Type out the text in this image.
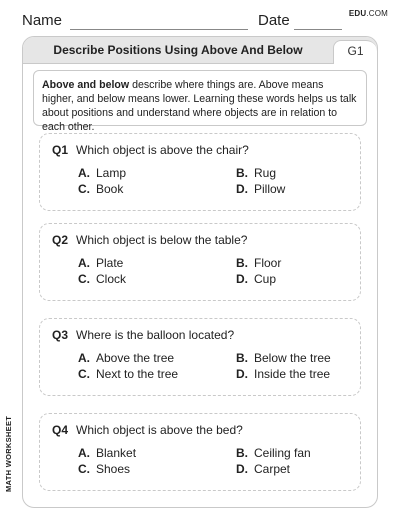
Name	Date	EDU.COM
MATH WORKSHEET
Describe Positions Using Above And Below	G1
Above and below describe where things are. Above means higher, and below means lower. Learning these words helps us talk about positions and understand where objects are in relation to each other.
Q1 Which object is above the chair?
A. Lamp	B. Rug
C. Book	D. Pillow
Q2 Which object is below the table?
A. Plate	B. Floor
C. Clock	D. Cup
Q3 Where is the balloon located?
A. Above the tree	B. Below the tree
C. Next to the tree	D. Inside the tree
Q4 Which object is above the bed?
A. Blanket	B. Ceiling fan
C. Shoes	D. Carpet
